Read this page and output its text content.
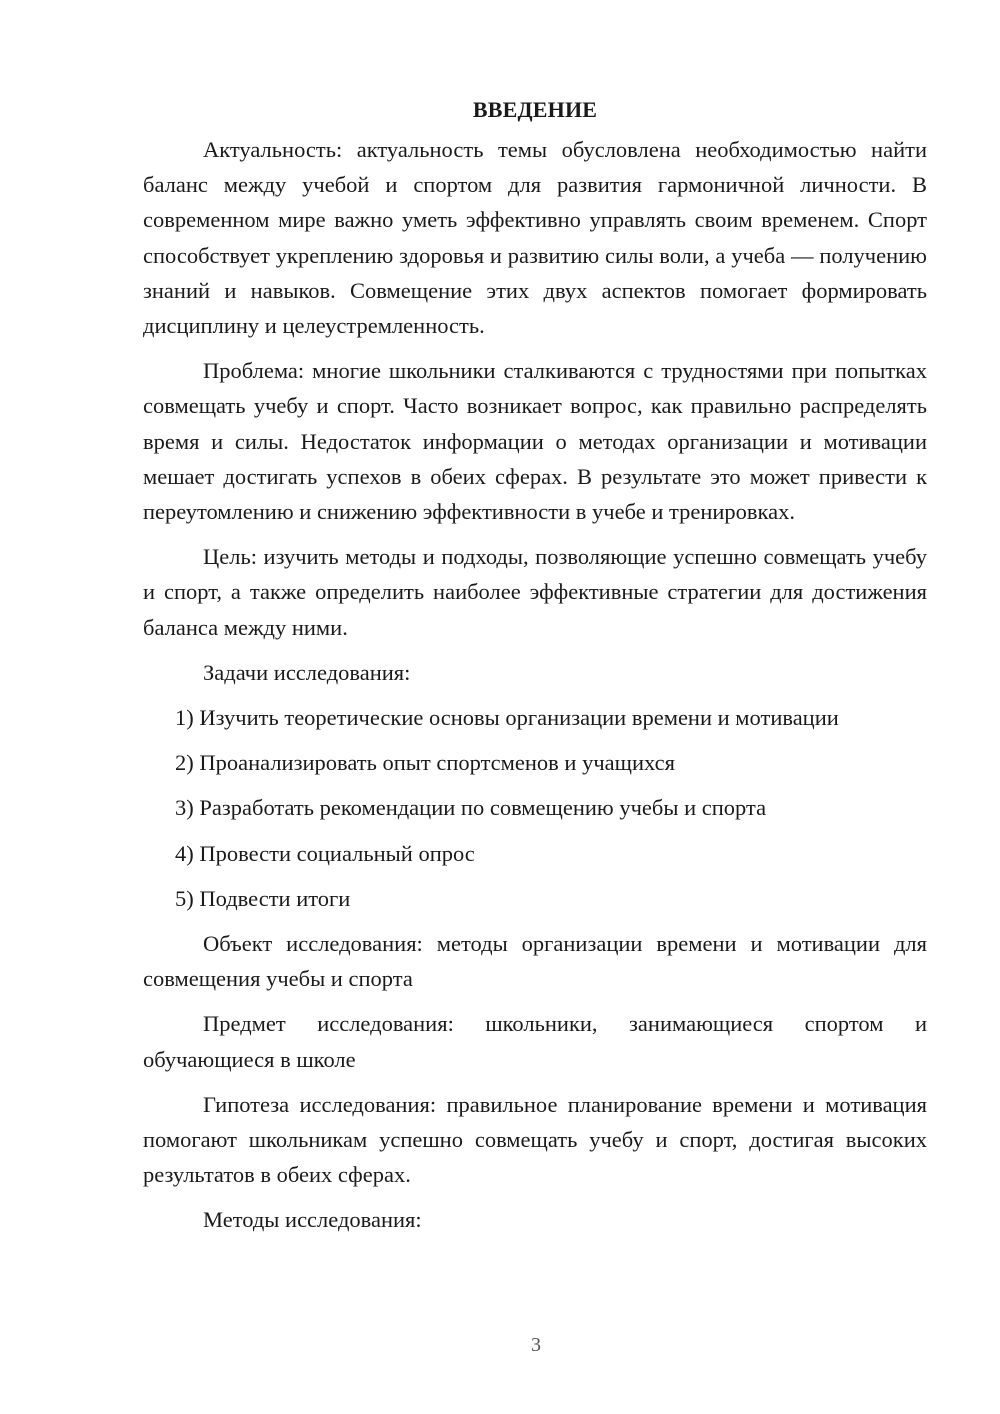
ВВЕДЕНИЕ

Актуальность: актуальность темы обусловлена необходимостью найти баланс между учебой и спортом для развития гармоничной личности. В современном мире важно уметь эффективно управлять своим временем. Спорт способствует укреплению здоровья и развитию силы воли, а учеба — получению знаний и навыков. Совмещение этих двух аспектов помогает формировать дисциплину и целеустремленность.

Проблема: многие школьники сталкиваются с трудностями при попытках совмещать учебу и спорт. Часто возникает вопрос, как правильно распределять время и силы. Недостаток информации о методах организации и мотивации мешает достигать успехов в обеих сферах. В результате это может привести к переутомлению и снижению эффективности в учебе и тренировках.

Цель: изучить методы и подходы, позволяющие успешно совмещать учебу и спорт, а также определить наиболее эффективные стратегии для достижения баланса между ними.

Задачи исследования:

1) Изучить теоретические основы организации времени и мотивации
2) Проанализировать опыт спортсменов и учащихся
3) Разработать рекомендации по совмещению учебы и спорта
4) Провести социальный опрос
5) Подвести итоги

Объект исследования: методы организации времени и мотивации для совмещения учебы и спорта

Предмет исследования: школьники, занимающиеся спортом и обучающиеся в школе

Гипотеза исследования: правильное планирование времени и мотивация помогают школьникам успешно совмещать учебу и спорт, достигая высоких результатов в обеих сферах.

Методы исследования:

3
